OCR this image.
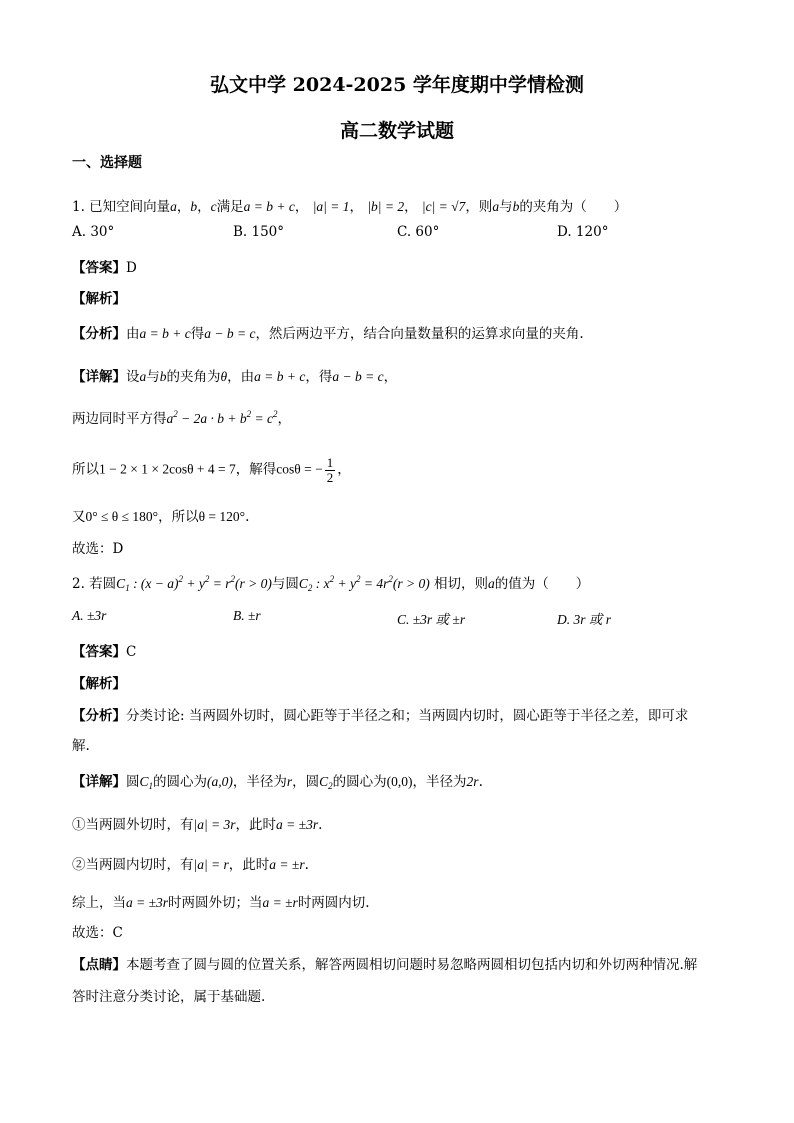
弘文中学 2024-2025 学年度期中学情检测
高二数学试题
一、选择题
1. 已知空间向量a，b，c满足a = b + c， |a| = 1， |b| = 2， |c| = √7，则a与b的夹角为（　　）
A. 30°	B. 150°	C. 60°	D. 120°
【答案】D
【解析】
【分析】由a = b + c得a − b = c，然后两边平方，结合向量数量积的运算求向量的夹角.
【详解】设a与b的夹角为θ，由a = b + c，得a − b = c，
两边同时平方得$a^2 - 2a \cdot b + b^2 = c^2$，
所以1 − 2 × 1 × 2cosθ + 4 = 7，解得cosθ = − $\frac{1}{2}$ ，
又0° ≤ θ ≤ 180°，所以θ = 120°.
故选：D
2. 若圆$C_1$ : $(x - a)^2 + y^2 = r^2(r > 0)$与圆$C_2$ : $x^2 + y^2 = 4r^2(r > 0)$ 相切，则a的值为（　　）
A. ±3r	B. ±r	C. ±3r 或 ±r	D. 3r 或 r
【答案】C
【解析】
【分析】分类讨论: 当两圆外切时，圆心距等于半径之和；当两圆内切时，圆心距等于半径之差，即可求
解.
【详解】圆$C_1$的圆心为(a,0)，半径为r，圆$C_2$的圆心为(0,0)，半径为2r.
①当两圆外切时，有|a| = 3r，此时a = ±3r.
②当两圆内切时，有|a| = r，此时a = ±r.
综上，当a = ±3r时两圆外切；当a = ±r时两圆内切.
故选：C
【点睛】本题考查了圆与圆的位置关系，解答两圆相切问题时易忽略两圆相切包括内切和外切两种情况.解
答时注意分类讨论，属于基础题.
